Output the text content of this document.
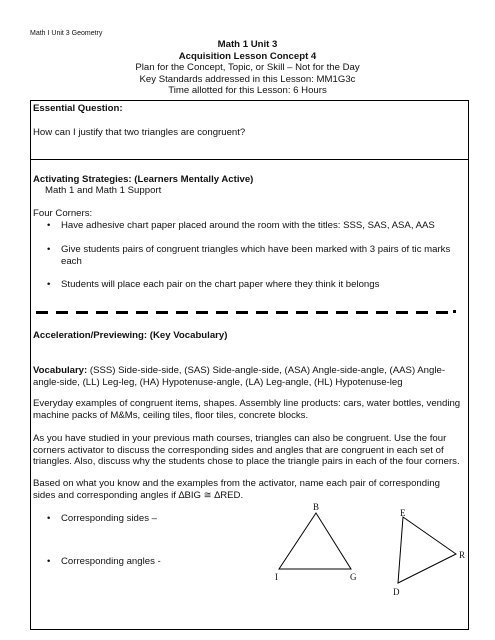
Math I Unit 3 Geometry
Math 1 Unit 3
Acquisition Lesson Concept 4
Plan for the Concept, Topic, or Skill – Not for the Day
Key Standards addressed in this Lesson: MM1G3c
Time allotted for this Lesson: 6 Hours
Essential Question:
How can I justify that two triangles are congruent?
Activating Strategies: (Learners Mentally Active)
Math 1 and Math 1 Support
Four Corners:
• Have adhesive chart paper placed around the room with the titles: SSS, SAS, ASA, AAS
• Give students pairs of congruent triangles which have been marked with 3 pairs of tic marks each
• Students will place each pair on the chart paper where they think it belongs
Acceleration/Previewing: (Key Vocabulary)
Vocabulary: (SSS) Side-side-side, (SAS) Side-angle-side, (ASA) Angle-side-angle, (AAS) Angle-angle-side, (LL) Leg-leg, (HA) Hypotenuse-angle, (LA) Leg-angle, (HL) Hypotenuse-leg
Everyday examples of congruent items, shapes. Assembly line products: cars, water bottles, vending machine packs of M&Ms, ceiling tiles, floor tiles, concrete blocks.
As you have studied in your previous math courses, triangles can also be congruent. Use the four corners activator to discuss the corresponding sides and angles that are congruent in each set of triangles. Also, discuss why the students chose to place the triangle pairs in each of the four corners.
Based on what you know and the examples from the activator, name each pair of corresponding sides and corresponding angles if ∆BIG ≅ ∆RED.
• Corresponding sides –
• Corresponding angles -
B
I	G
E
R
D
